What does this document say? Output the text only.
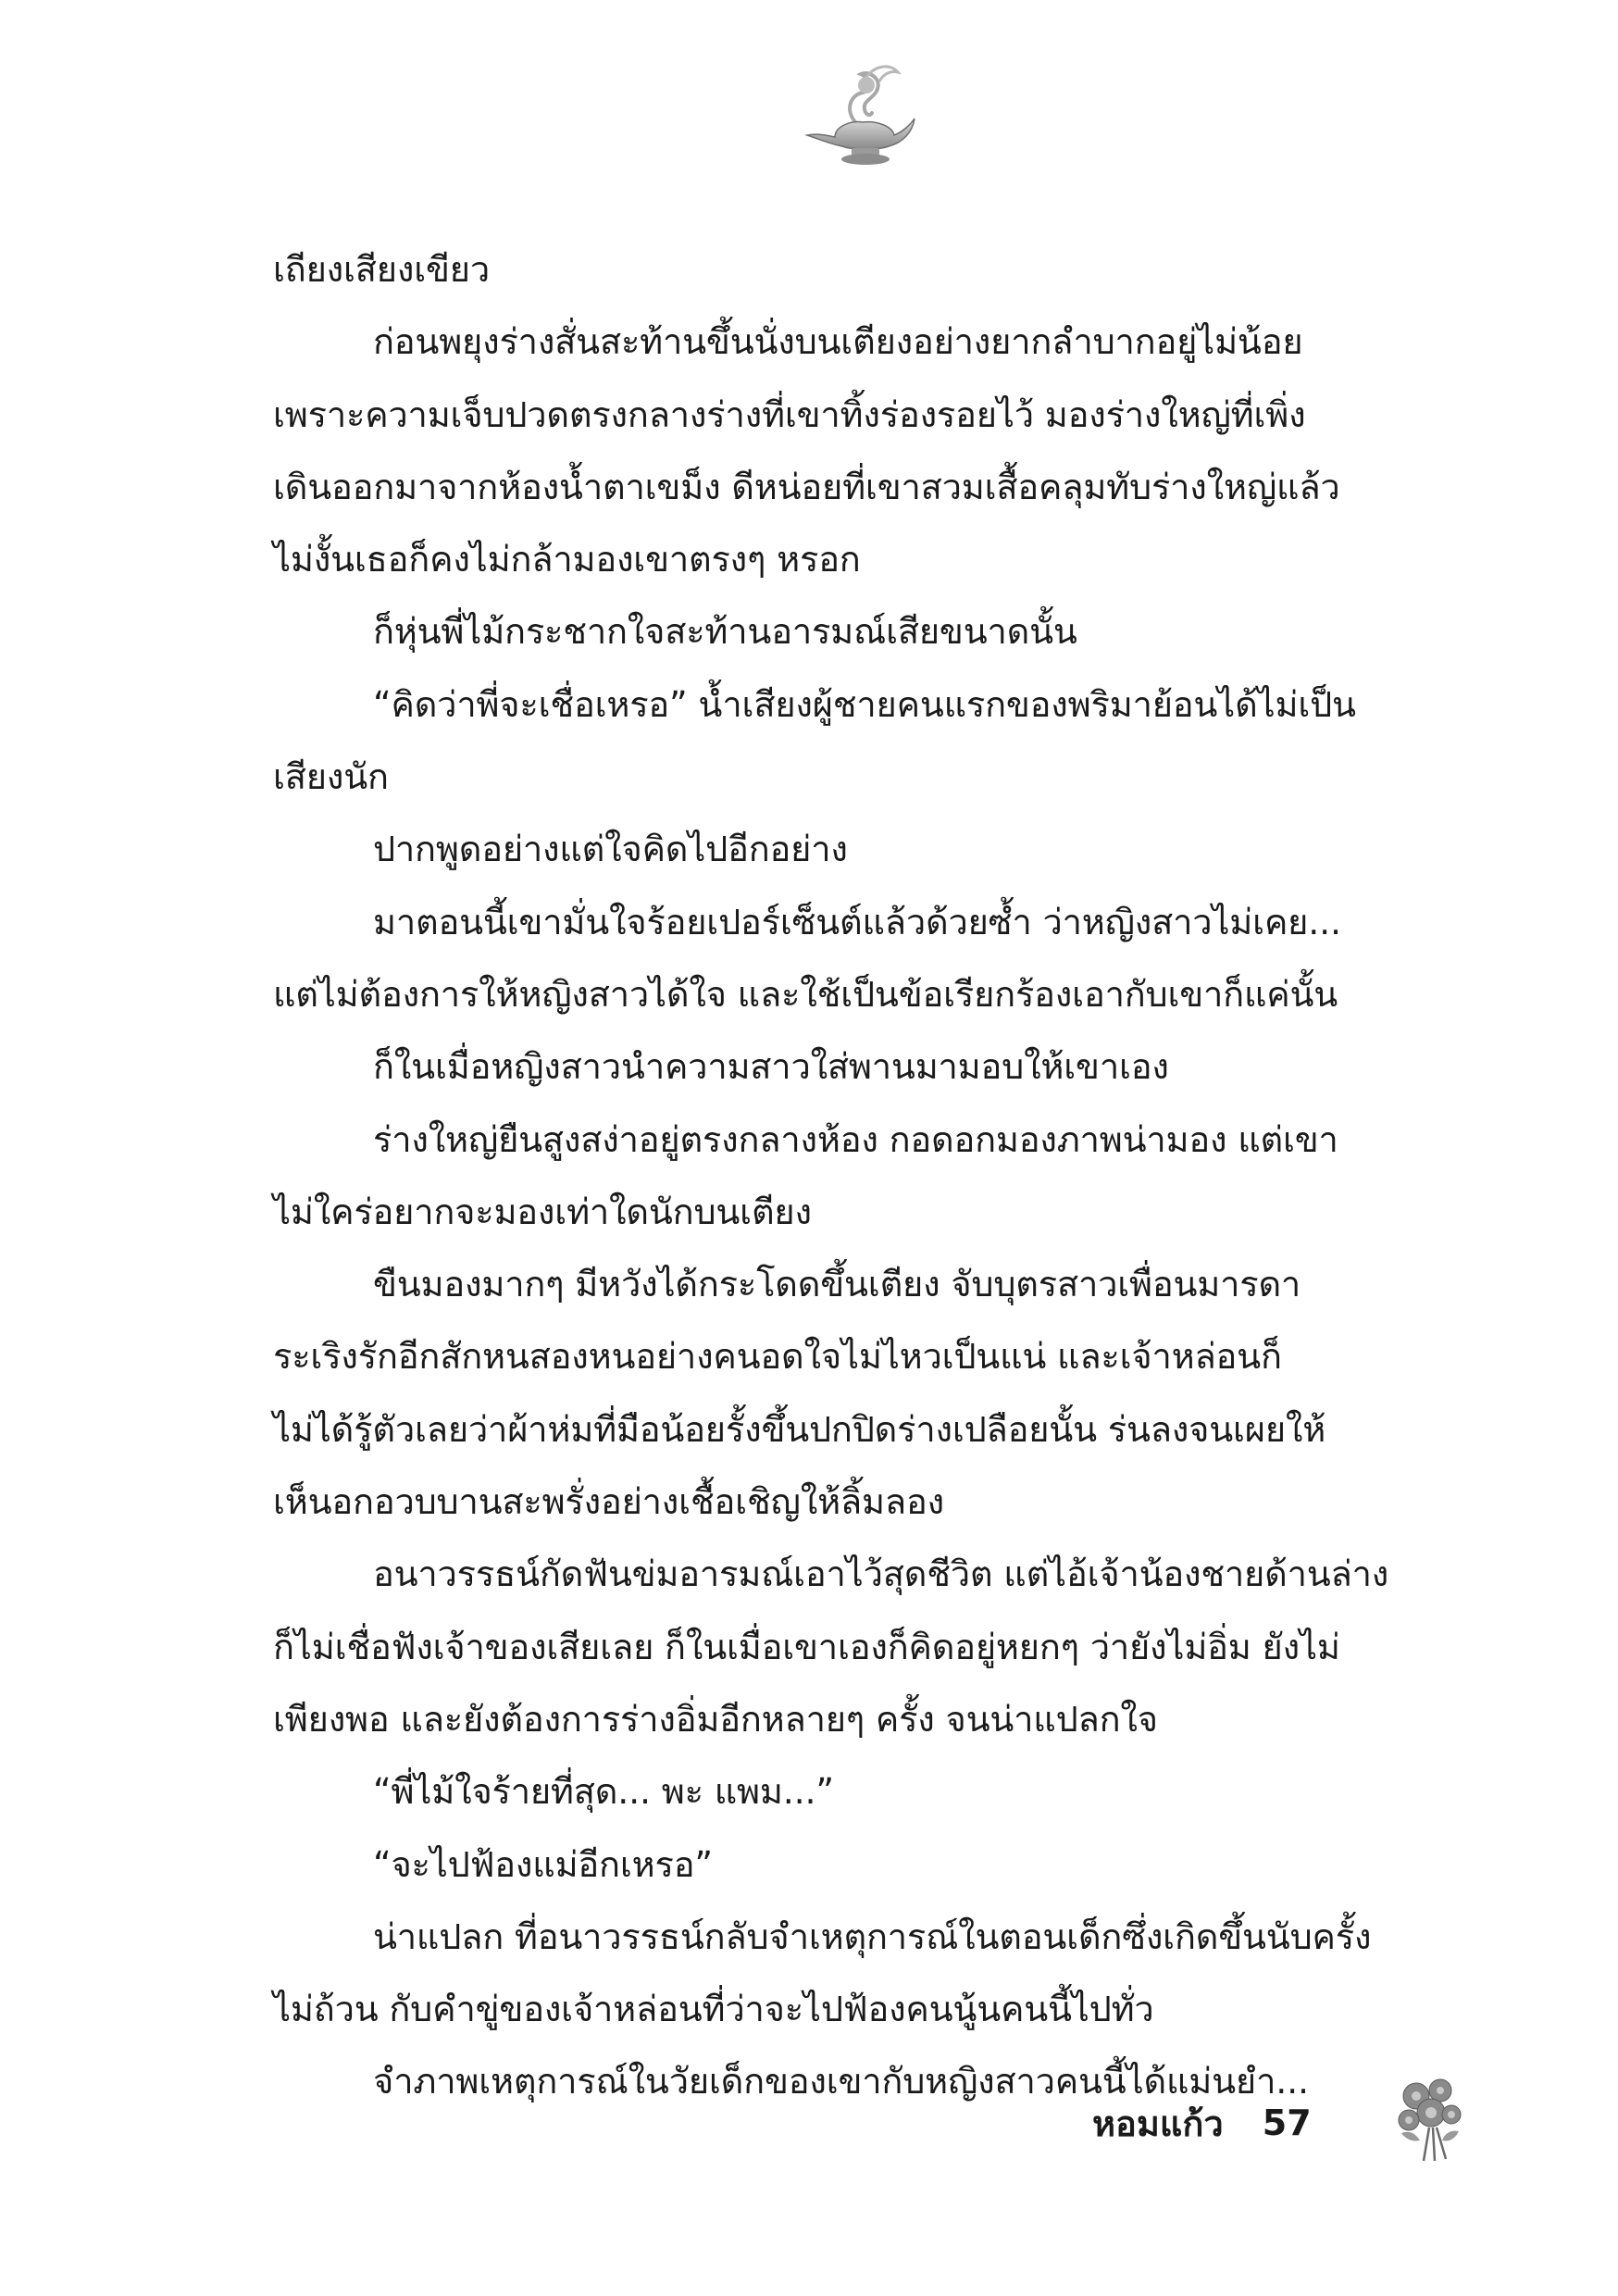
เถียงเสียงเขียว
ก่อนพยุงร่างสั่นสะท้านขึ้นนั่งบนเตียงอย่างยากลำบากอยู่ไม่น้อย
เพราะความเจ็บปวดตรงกลางร่างที่เขาทิ้งร่องรอยไว้ มองร่างใหญ่ที่เพิ่ง
เดินออกมาจากห้องน้ำตาเขม็ง ดีหน่อยที่เขาสวมเสื้อคลุมทับร่างใหญ่แล้ว
ไม่งั้นเธอก็คงไม่กล้ามองเขาตรงๆ หรอก
ก็หุ่นพี่ไม้กระชากใจสะท้านอารมณ์เสียขนาดนั้น
“คิดว่าพี่จะเชื่อเหรอ” น้ำเสียงผู้ชายคนแรกของพริมาย้อนได้ไม่เป็น
เสียงนัก
ปากพูดอย่างแต่ใจคิดไปอีกอย่าง
มาตอนนี้เขามั่นใจร้อยเปอร์เซ็นต์แล้วด้วยซ้ำ ว่าหญิงสาวไม่เคย...
แต่ไม่ต้องการให้หญิงสาวได้ใจ และใช้เป็นข้อเรียกร้องเอากับเขาก็แค่นั้น
ก็ในเมื่อหญิงสาวนำความสาวใส่พานมามอบให้เขาเอง
ร่างใหญ่ยืนสูงสง่าอยู่ตรงกลางห้อง กอดอกมองภาพน่ามอง แต่เขา
ไม่ใคร่อยากจะมองเท่าใดนักบนเตียง
ขืนมองมากๆ มีหวังได้กระโดดขึ้นเตียง จับบุตรสาวเพื่อนมารดา
ระเริงรักอีกสักหนสองหนอย่างคนอดใจไม่ไหวเป็นแน่ และเจ้าหล่อนก็
ไม่ได้รู้ตัวเลยว่าผ้าห่มที่มือน้อยรั้งขึ้นปกปิดร่างเปลือยนั้น ร่นลงจนเผยให้
เห็นอกอวบบานสะพรั่งอย่างเชื้อเชิญให้ลิ้มลอง
อนาวรรธน์กัดฟันข่มอารมณ์เอาไว้สุดชีวิต แต่ไอ้เจ้าน้องชายด้านล่าง
ก็ไม่เชื่อฟังเจ้าของเสียเลย ก็ในเมื่อเขาเองก็คิดอยู่หยกๆ ว่ายังไม่อิ่ม ยังไม่
เพียงพอ และยังต้องการร่างอิ่มอีกหลายๆ ครั้ง จนน่าแปลกใจ
“พี่ไม้ใจร้ายที่สุด... พะ แพม...”
“จะไปฟ้องแม่อีกเหรอ”
น่าแปลก ที่อนาวรรธน์กลับจำเหตุการณ์ในตอนเด็กซึ่งเกิดขึ้นนับครั้ง
ไม่ถ้วน กับคำขู่ของเจ้าหล่อนที่ว่าจะไปฟ้องคนนู้นคนนี้ไปทั่ว
จำภาพเหตุการณ์ในวัยเด็กของเขากับหญิงสาวคนนี้ได้แม่นยำ...
หอมแก้ว 57
